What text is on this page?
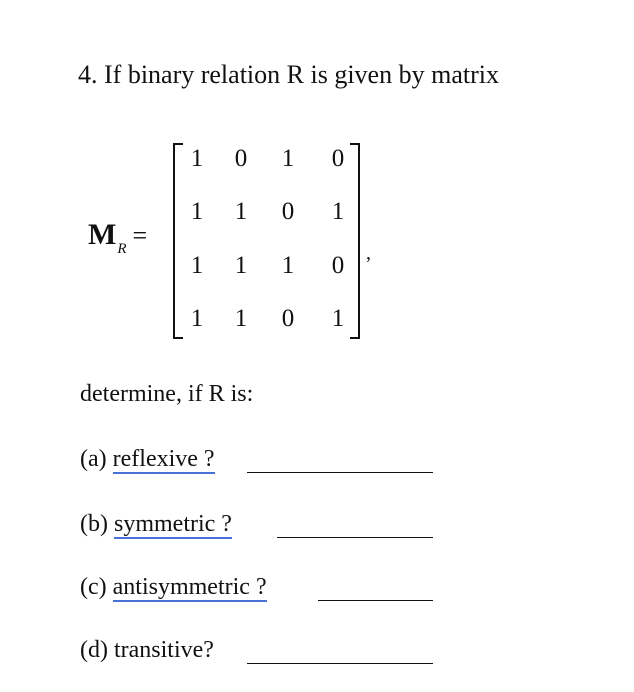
4. If binary relation R is given by matrix
$M_R$ =
1	0	1	0
1	1	0	1
1	1	1	0
1	1	0	1
,
determine, if R is:
(a) reflexive ?
(b) symmetric ?
(c) antisymmetric ?
(d) transitive?
